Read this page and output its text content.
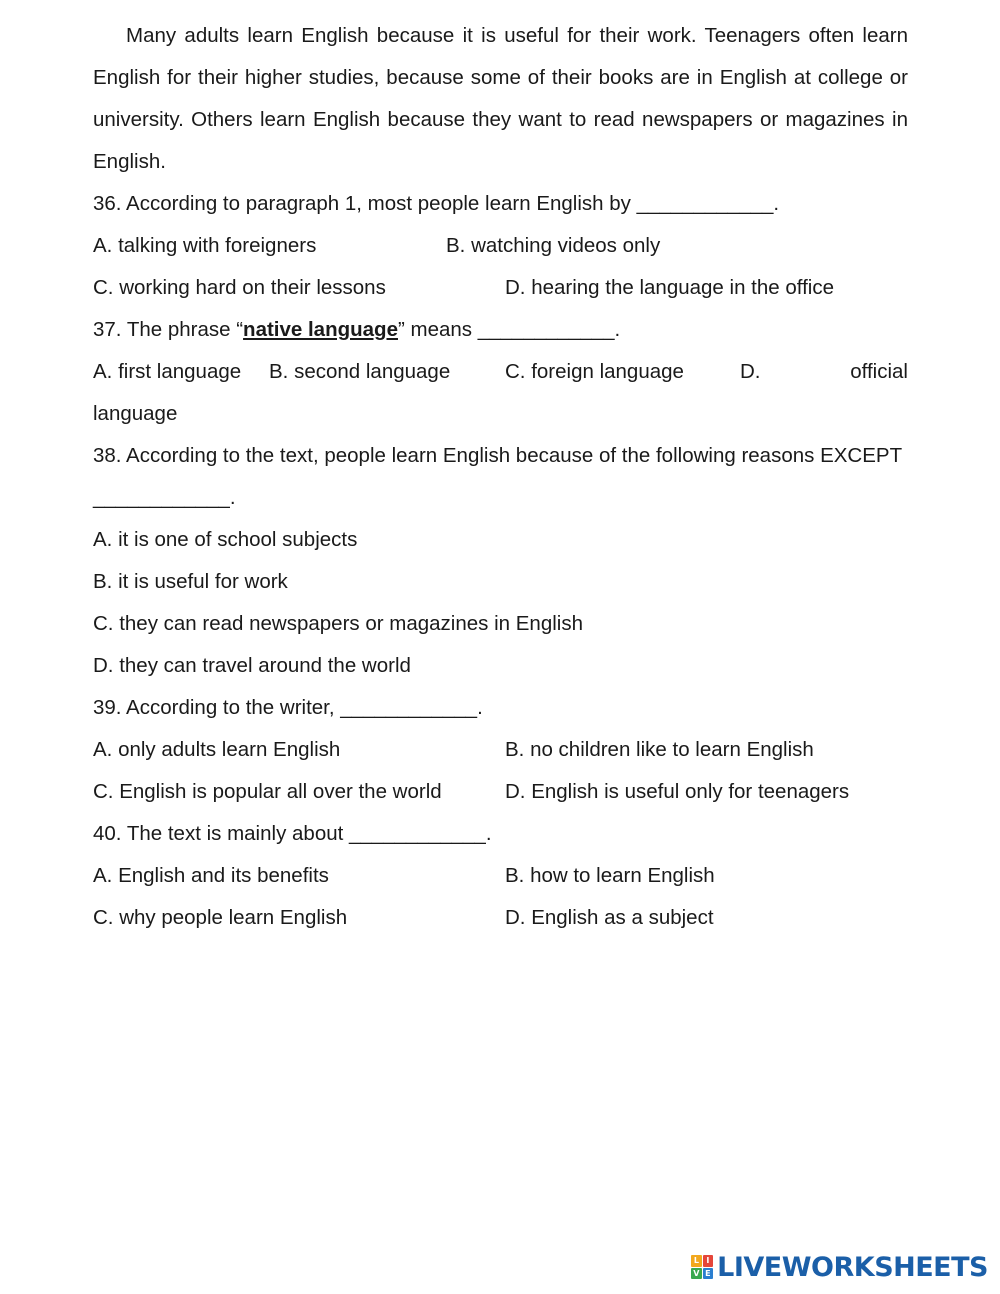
Many adults learn English because it is useful for their work. Teenagers often learn
English for their higher studies, because some of their books are in English at college or
university. Others learn English because they want to read newspapers or magazines in
English.
36. According to paragraph 1, most people learn English by ____________.
A. talking with foreigners	B. watching videos only
C. working hard on their lessons	D. hearing the language in the office
37. The phrase “native language” means ____________.
A. first language B. second language	C. foreign language	D.	official
language
38. According to the text, people learn English because of the following reasons EXCEPT
____________.
A. it is one of school subjects
B. it is useful for work
C. they can read newspapers or magazines in English
D. they can travel around the world
39. According to the writer, ____________.
A. only adults learn English	B. no children like to learn English
C. English is popular all over the world	D. English is useful only for teenagers
40. The text is mainly about ____________.
A. English and its benefits	B. how to learn English
C. why people learn English	D. English as a subject
L I
V E LIVEWORKSHEETS
